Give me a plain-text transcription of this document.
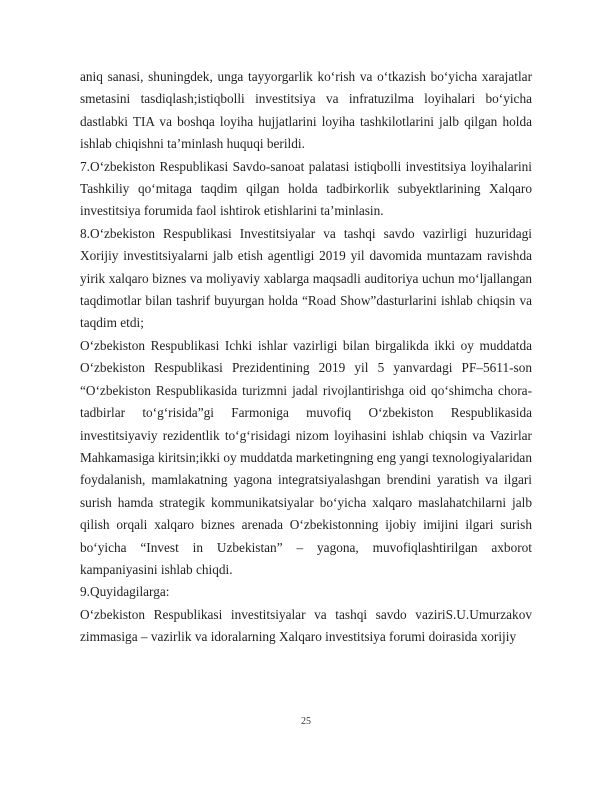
aniq sanasi, shuningdek, unga tayyorgarlik koʻrish va oʻtkazish boʻyicha xarajatlar smetasini tasdiqlash;istiqbolli investitsiya va infratuzilma loyihalari boʻyicha dastlabki TIA va boshqa loyiha hujjatlarini loyiha tashkilotlarini jalb qilgan holda ishlab chiqishni taʼminlash huquqi berildi.

7.Oʻzbekiston Respublikasi Savdo-sanoat palatasi istiqbolli investitsiya loyihalarini Tashkiliy qoʻmitaga taqdim qilgan holda tadbirkorlik subyektlarining Xalqaro investitsiya forumida faol ishtirok etishlarini taʼminlasin.

8.Oʻzbekiston Respublikasi Investitsiyalar va tashqi savdo vazirligi huzuridagi Xorijiy investitsiyalarni jalb etish agentligi 2019 yil davomida muntazam ravishda yirik xalqaro biznes va moliyaviy xablarga maqsadli auditoriya uchun moʻljallangan taqdimotlar bilan tashrif buyurgan holda “Road Show”dasturlarini ishlab chiqsin va taqdim etdi;

Oʻzbekiston Respublikasi Ichki ishlar vazirligi bilan birgalikda ikki oy muddatda Oʻzbekiston Respublikasi Prezidentining 2019 yil 5 yanvardagi PF–5611-son “Oʻzbekiston Respublikasida turizmni jadal rivojlantirishga oid qoʻshimcha chora-tadbirlar toʻgʻrisida”gi Farmoniga muvofiq Oʻzbekiston Respublikasida investitsiyaviy rezidentlik toʻgʻrisidagi nizom loyihasini ishlab chiqsin va Vazirlar Mahkamasiga kiritsin;ikki oy muddatda marketingning eng yangi texnologiyalaridan foydalanish, mamlakatning yagona integratsiyalashgan brendini yaratish va ilgari surish hamda strategik kommunikatsiyalar boʻyicha xalqaro maslahatchilarni jalb qilish orqali xalqaro biznes arenada Oʻzbekistonning ijobiy imijini ilgari surish boʻyicha “Invest in Uzbekistan” – yagona, muvofiqlashtirilgan axborot kampaniyasini ishlab chiqdi.

9.Quyidagilarga:

Oʻzbekiston Respublikasi investitsiyalar va tashqi savdo vaziriS.U.Umurzakov zimmasiga – vazirlik va idoralarning Xalqaro investitsiya forumi doirasida xorijiy

25
